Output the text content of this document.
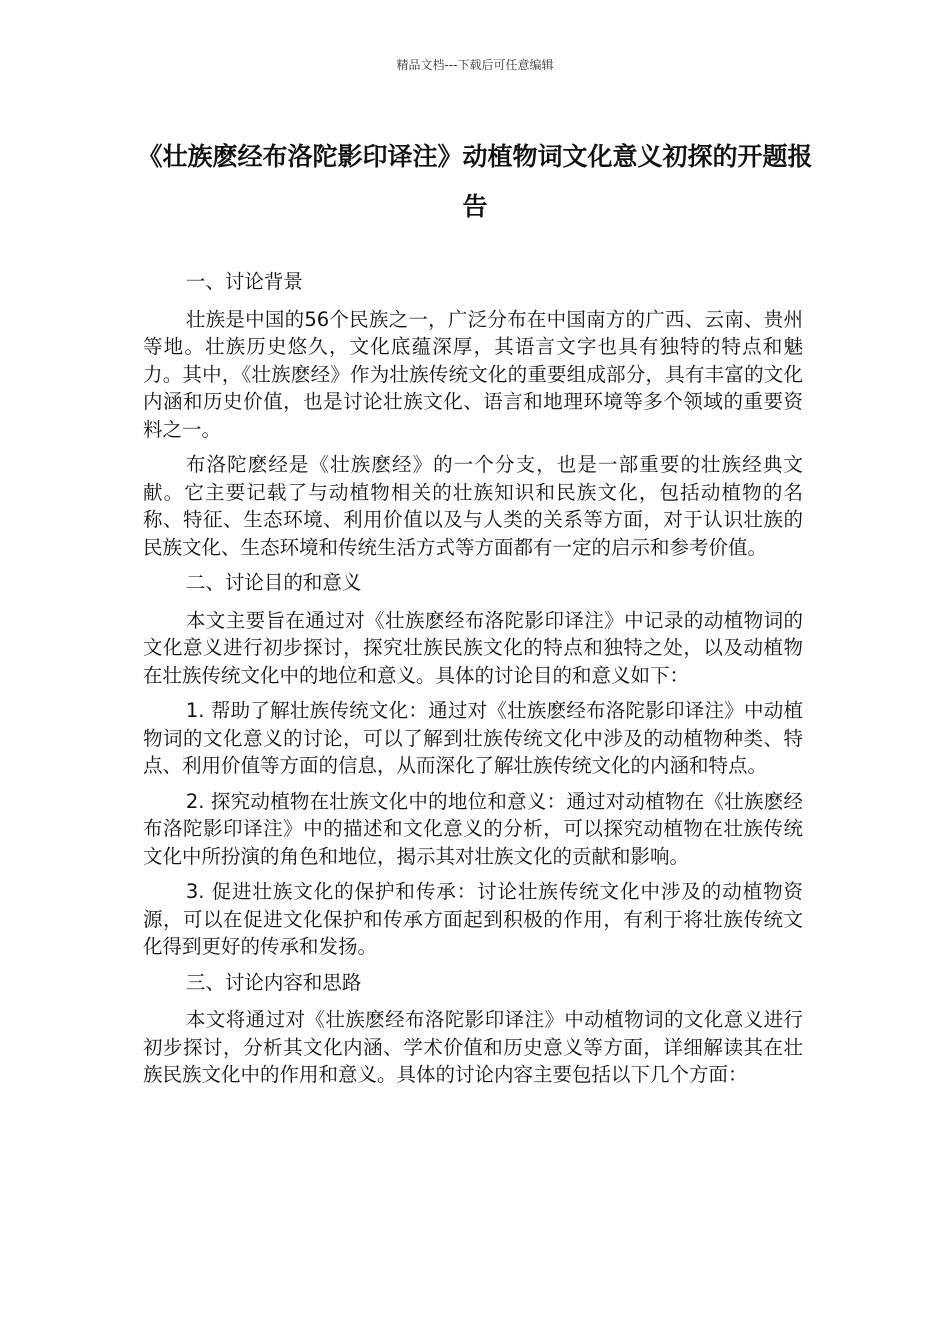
精品文档---下载后可任意编辑
《壮族麽经布洛陀影印译注》动植物词文化意义初探的开题报告

一、讨论背景

壮族是中国的56个民族之一，广泛分布在中国南方的广西、云南、贵州等地。壮族历史悠久，文化底蕴深厚，其语言文字也具有独特的特点和魅力。其中，《壮族麽经》作为壮族传统文化的重要组成部分，具有丰富的文化内涵和历史价值，也是讨论壮族文化、语言和地理环境等多个领域的重要资料之一。

布洛陀麽经是《壮族麽经》的一个分支，也是一部重要的壮族经典文献。它主要记载了与动植物相关的壮族知识和民族文化，包括动植物的名称、特征、生态环境、利用价值以及与人类的关系等方面，对于认识壮族的民族文化、生态环境和传统生活方式等方面都有一定的启示和参考价值。

二、讨论目的和意义

本文主要旨在通过对《壮族麽经布洛陀影印译注》中记录的动植物词的文化意义进行初步探讨，探究壮族民族文化的特点和独特之处，以及动植物在壮族传统文化中的地位和意义。具体的讨论目的和意义如下：

1. 帮助了解壮族传统文化：通过对《壮族麽经布洛陀影印译注》中动植物词的文化意义的讨论，可以了解到壮族传统文化中涉及的动植物种类、特点、利用价值等方面的信息，从而深化了解壮族传统文化的内涵和特点。

2. 探究动植物在壮族文化中的地位和意义：通过对动植物在《壮族麽经布洛陀影印译注》中的描述和文化意义的分析，可以探究动植物在壮族传统文化中所扮演的角色和地位，揭示其对壮族文化的贡献和影响。

3. 促进壮族文化的保护和传承：讨论壮族传统文化中涉及的动植物资源，可以在促进文化保护和传承方面起到积极的作用，有利于将壮族传统文化得到更好的传承和发扬。

三、讨论内容和思路

本文将通过对《壮族麽经布洛陀影印译注》中动植物词的文化意义进行初步探讨，分析其文化内涵、学术价值和历史意义等方面，详细解读其在壮族民族文化中的作用和意义。具体的讨论内容主要包括以下几个方面：
